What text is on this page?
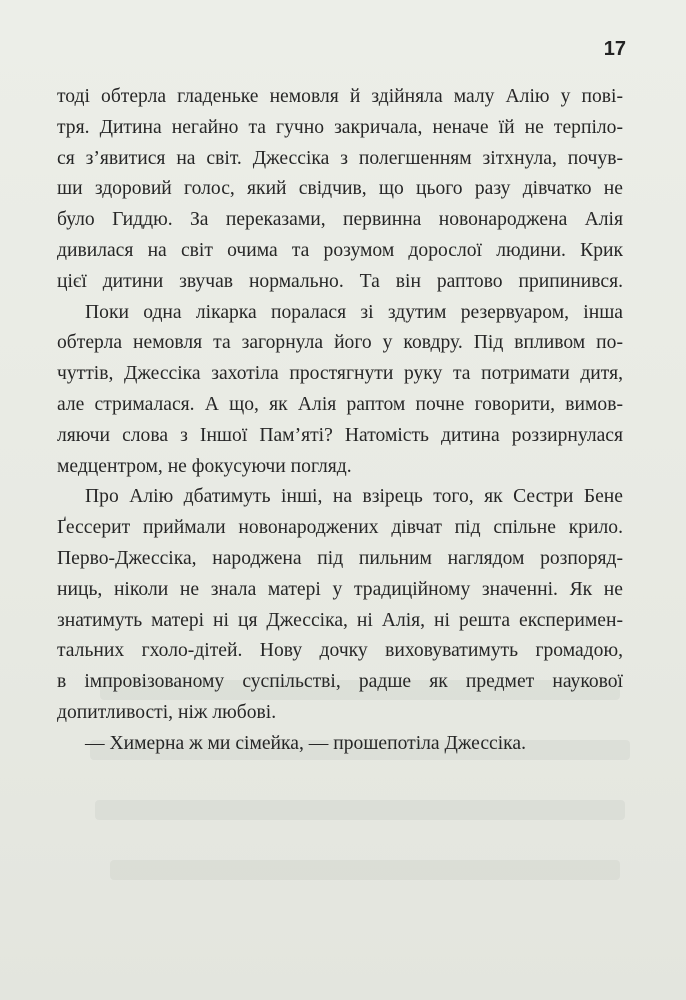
17
тоді обтерла гладеньке немовля й здійняла малу Алію у пові-
тря. Дитина негайно та гучно закричала, неначе їй не терпіло-
ся з’явитися на світ. Джессіка з полегшенням зітхнула, почув-
ши здоровий голос, який свідчив, що цього разу дівчатко не
було Гиддю. За переказами, первинна новонароджена Алія
дивилася на світ очима та розумом дорослої людини. Крик
цієї дитини звучав нормально. Та він раптово припинився.
Поки одна лікарка поралася зі здутим резервуаром, інша
обтерла немовля та загорнула його у ковдру. Під впливом по-
чуттів, Джессіка захотіла простягнути руку та потримати дитя,
але стрималася. А що, як Алія раптом почне говорити, вимов-
ляючи слова з Іншої Пам’яті? Натомість дитина роззирнулася
медцентром, не фокусуючи погляд.
Про Алію дбатимуть інші, на взірець того, як Сестри Бене
Ґессерит приймали новонароджених дівчат під спільне крило.
Перво-Джессіка, народжена під пильним наглядом розпоряд-
ниць, ніколи не знала матері у традиційному значенні. Як не
знатимуть матері ні ця Джессіка, ні Алія, ні решта експеримен-
тальних гхоло-дітей. Нову дочку виховуватимуть громадою,
в імпровізованому суспільстві, радше як предмет наукової
допитливості, ніж любові.
— Химерна ж ми сімейка, — прошепотіла Джессіка.
